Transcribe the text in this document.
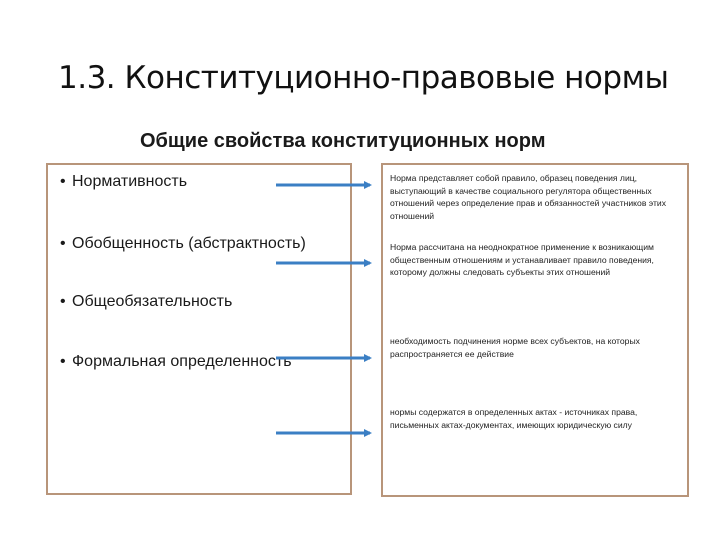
1.3. Конституционно-правовые нормы
Общие свойства конституционных норм
• Нормативность
• Обобщенность (абстрактность)
• Общеобязательность
• Формальная определенность
Норма представляет собой правило, образец поведения лиц, выступающий в качестве социального регулятора общественных отношений через определение прав и обязанностей участников этих отношений
Норма рассчитана на неоднократное применение к возникающим общественным отношениям и устанавливает правило поведения, которому должны следовать субъекты этих отношений
необходимость подчинения норме всех субъектов, на которых распространяется ее действие
нормы содержатся в определенных актах - источниках права, письменных актах-документах, имеющих юридическую силу
